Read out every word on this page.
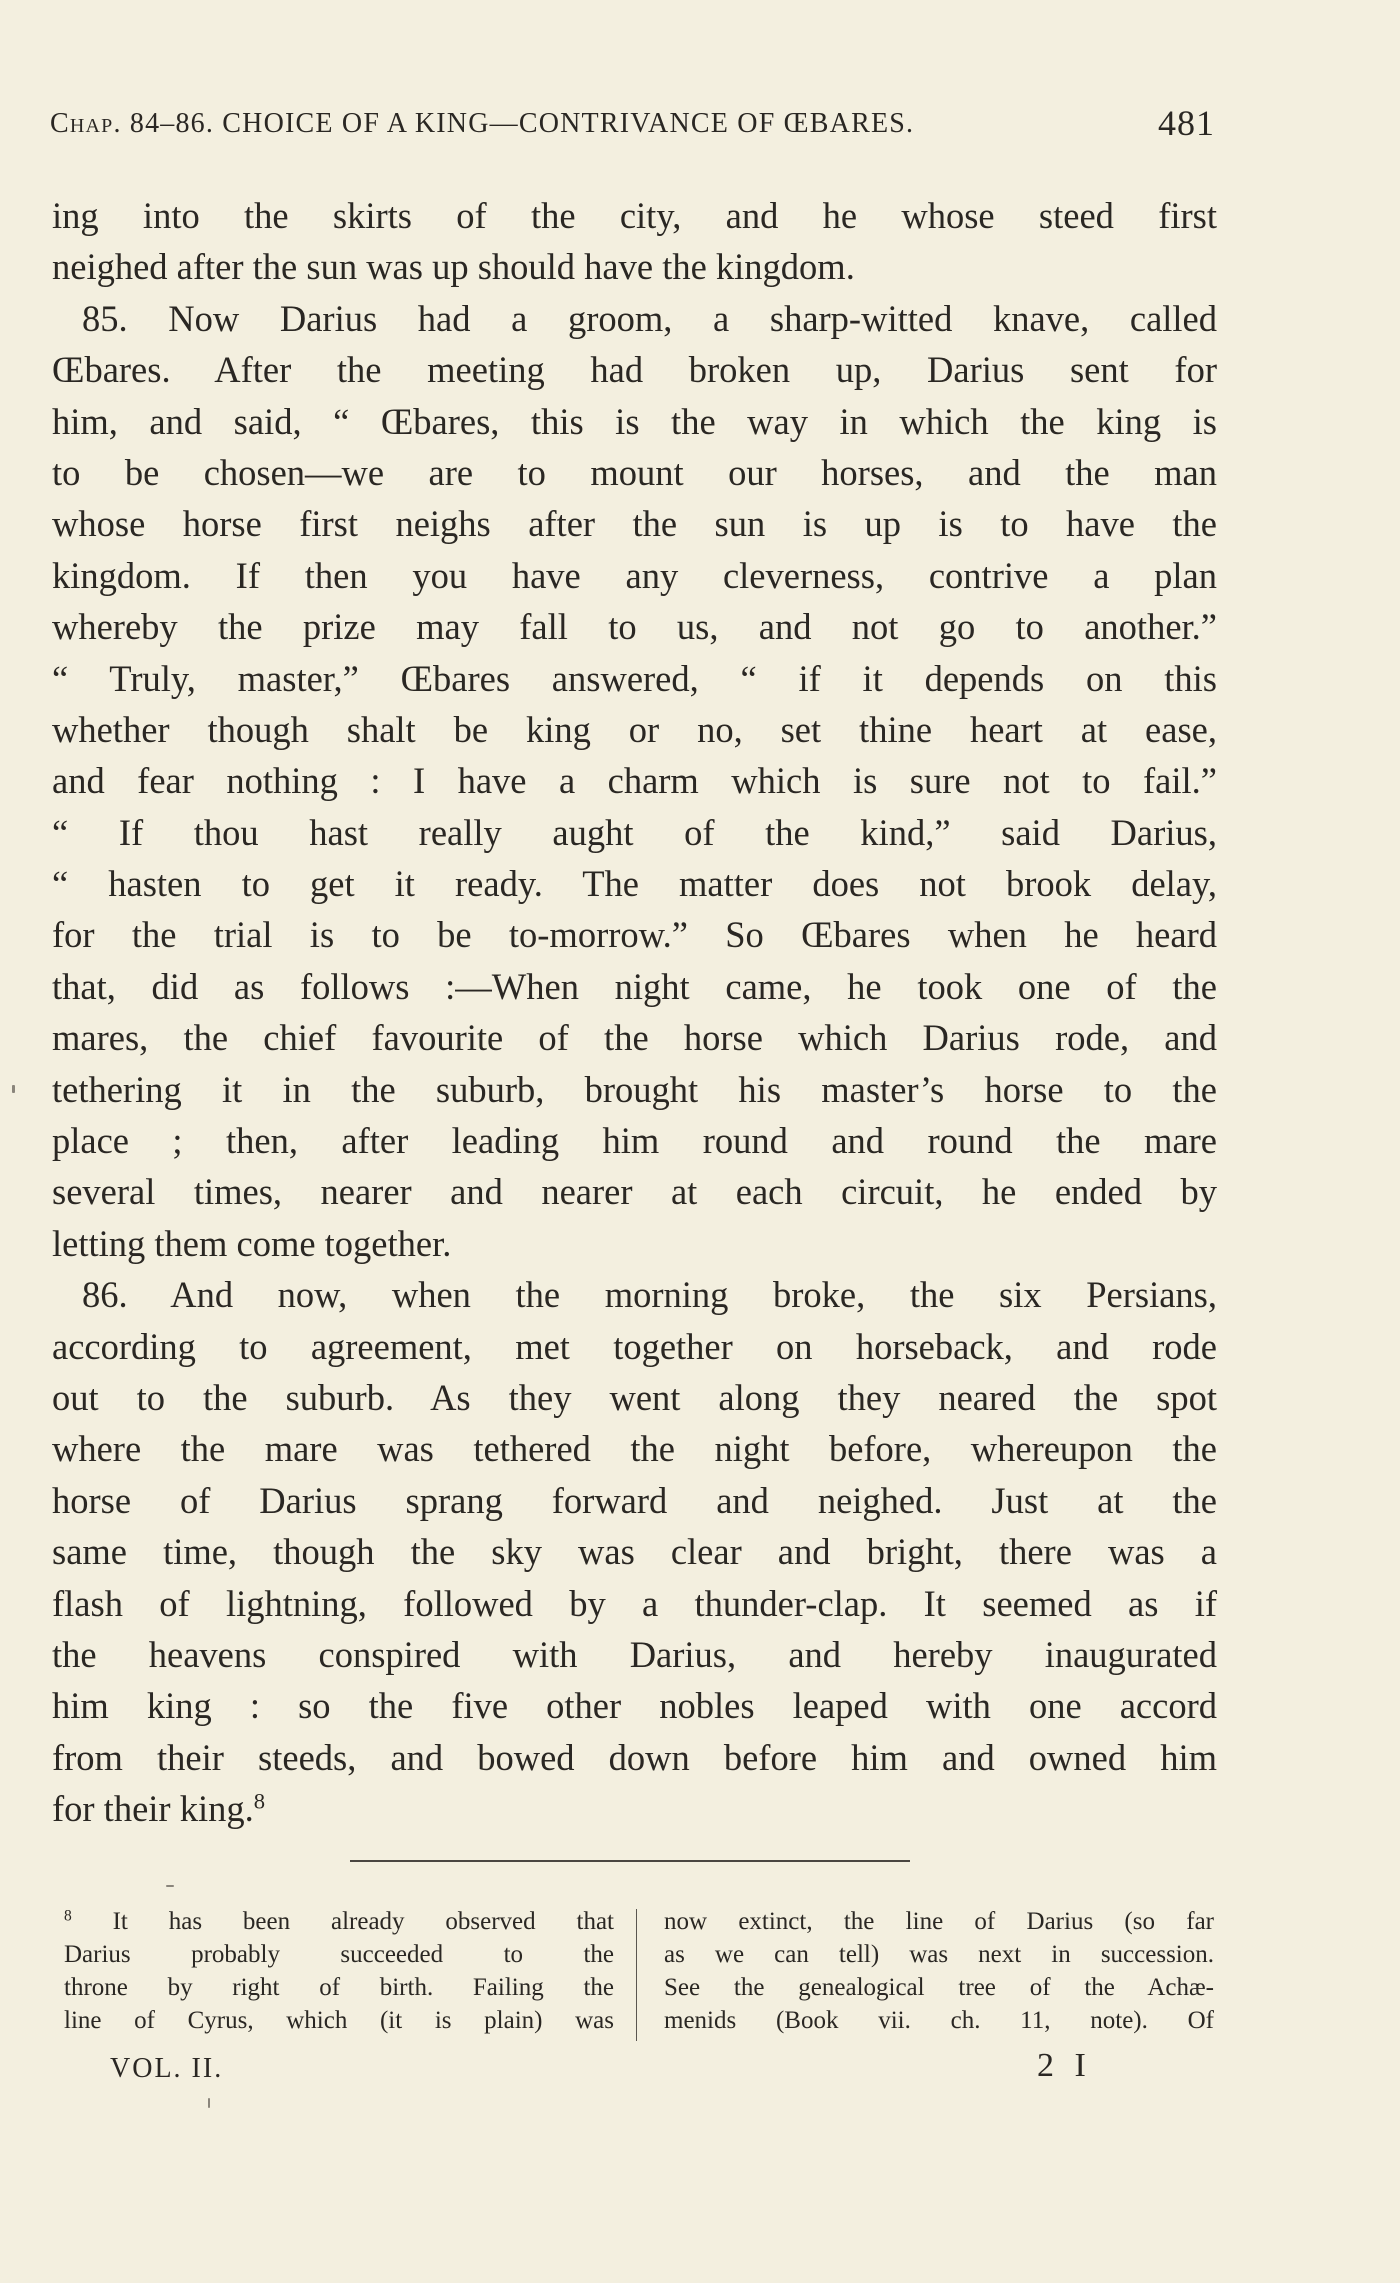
Chap. 84–86. CHOICE OF A KING—CONTRIVANCE OF ŒBARES.	481
ing into the skirts of the city, and he whose steed first
neighed after the sun was up should have the kingdom.
85. Now Darius had a groom, a sharp-witted knave, called
Œbares. After the meeting had broken up, Darius sent for
him, and said, “ Œbares, this is the way in which the king is
to be chosen—we are to mount our horses, and the man
whose horse first neighs after the sun is up is to have the
kingdom. If then you have any cleverness, contrive a plan
whereby the prize may fall to us, and not go to another.”
“ Truly, master,” Œbares answered, “ if it depends on this
whether though shalt be king or no, set thine heart at ease,
and fear nothing : I have a charm which is sure not to fail.”
“ If thou hast really aught of the kind,” said Darius,
“ hasten to get it ready. The matter does not brook delay,
for the trial is to be to-morrow.” So Œbares when he heard
that, did as follows :—When night came, he took one of the
mares, the chief favourite of the horse which Darius rode, and
tethering it in the suburb, brought his master’s horse to the
place ; then, after leading him round and round the mare
several times, nearer and nearer at each circuit, he ended by
letting them come together.
86. And now, when the morning broke, the six Persians,
according to agreement, met together on horseback, and rode
out to the suburb. As they went along they neared the spot
where the mare was tethered the night before, whereupon the
horse of Darius sprang forward and neighed. Just at the
same time, though the sky was clear and bright, there was a
flash of lightning, followed by a thunder-clap. It seemed as if
the heavens conspired with Darius, and hereby inaugurated
him king : so the five other nobles leaped with one accord
from their steeds, and bowed down before him and owned him
for their king.$^8$
$^8$ It has been already observed that
Darius probably succeeded to the
throne by right of birth. Failing the
line of Cyrus, which (it is plain) was
now extinct, the line of Darius (so far
as we can tell) was next in succession.
See the genealogical tree of the Achæ-
menids (Book vii. ch. 11, note). Of
VOL. II.	2 I
